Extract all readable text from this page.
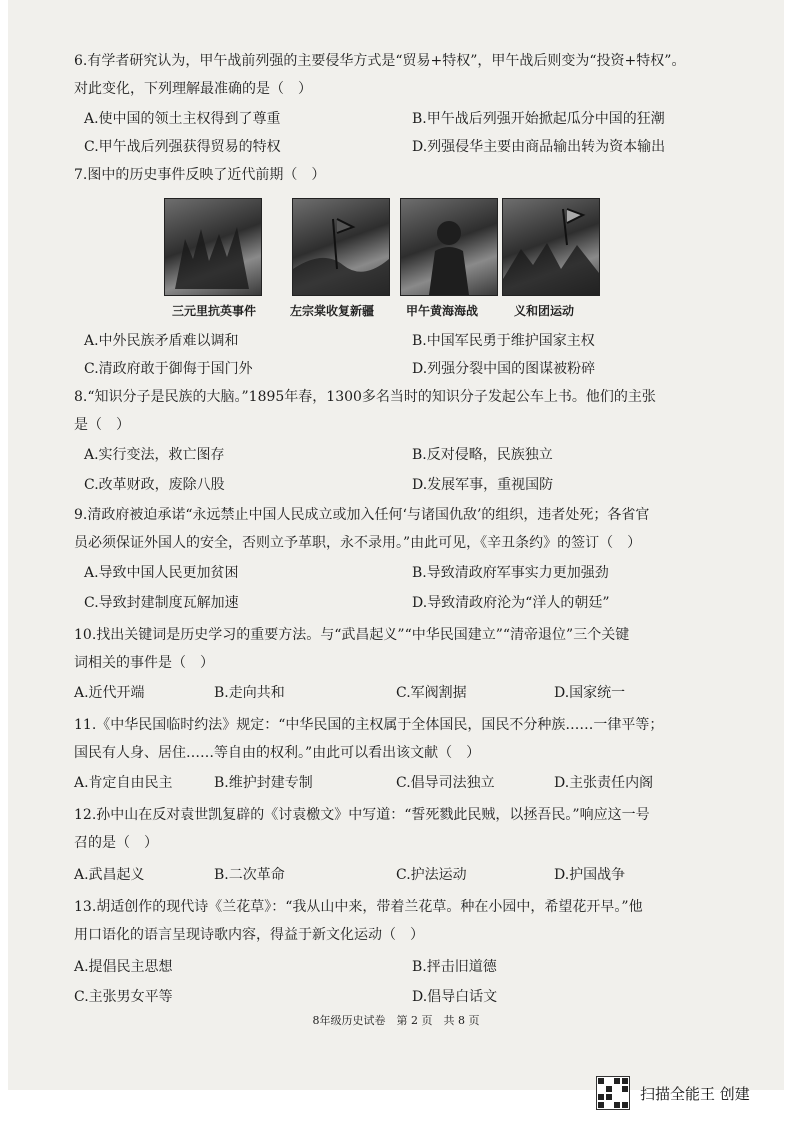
6.有学者研究认为，甲午战前列强的主要侵华方式是“贸易+特权”，甲午战后则变为“投资+特权”。
对此变化，下列理解最准确的是（　）
A.使中国的领土主权得到了尊重	B.甲午战后列强开始掀起瓜分中国的狂潮
C.甲午战后列强获得贸易的特权	D.列强侵华主要由商品输出转为资本输出
7.图中的历史事件反映了近代前期（　）
三元里抗英事件	左宗棠收复新疆	甲午黄海海战	义和团运动
A.中外民族矛盾难以调和	B.中国军民勇于维护国家主权
C.清政府敢于御侮于国门外	D.列强分裂中国的图谋被粉碎
8.“知识分子是民族的大脑。”1895年春，1300多名当时的知识分子发起公车上书。他们的主张
是（　）
A.实行变法，救亡图存	B.反对侵略，民族独立
C.改革财政，废除八股	D.发展军事，重视国防
9.清政府被迫承诺“永远禁止中国人民成立或加入任何‘与诸国仇敌’的组织，违者处死；各省官
员必须保证外国人的安全，否则立予革职，永不录用。”由此可见，《辛丑条约》的签订（　）
A.导致中国人民更加贫困	B.导致清政府军事实力更加强劲
C.导致封建制度瓦解加速	D.导致清政府沦为“洋人的朝廷”
10.找出关键词是历史学习的重要方法。与“武昌起义”“中华民国建立”“清帝退位”三个关键
词相关的事件是（　）
A.近代开端	B.走向共和	C.军阀割据	D.国家统一
11.《中华民国临时约法》规定：“中华民国的主权属于全体国民，国民不分种族……一律平等；
国民有人身、居住……等自由的权利。”由此可以看出该文献（　）
A.肯定自由民主	B.维护封建专制	C.倡导司法独立	D.主张责任内阁
12.孙中山在反对袁世凯复辟的《讨袁檄文》中写道：“誓死戮此民贼，以拯吾民。”响应这一号
召的是（　）
A.武昌起义	B.二次革命	C.护法运动	D.护国战争
13.胡适创作的现代诗《兰花草》：“我从山中来，带着兰花草。种在小园中，希望花开早。”他
用口语化的语言呈现诗歌内容，得益于新文化运动（　）
A.提倡民主思想	B.抨击旧道德
C.主张男女平等	D.倡导白话文
8年级历史试卷　第 2 页　共 8 页
扫描全能王 创建
